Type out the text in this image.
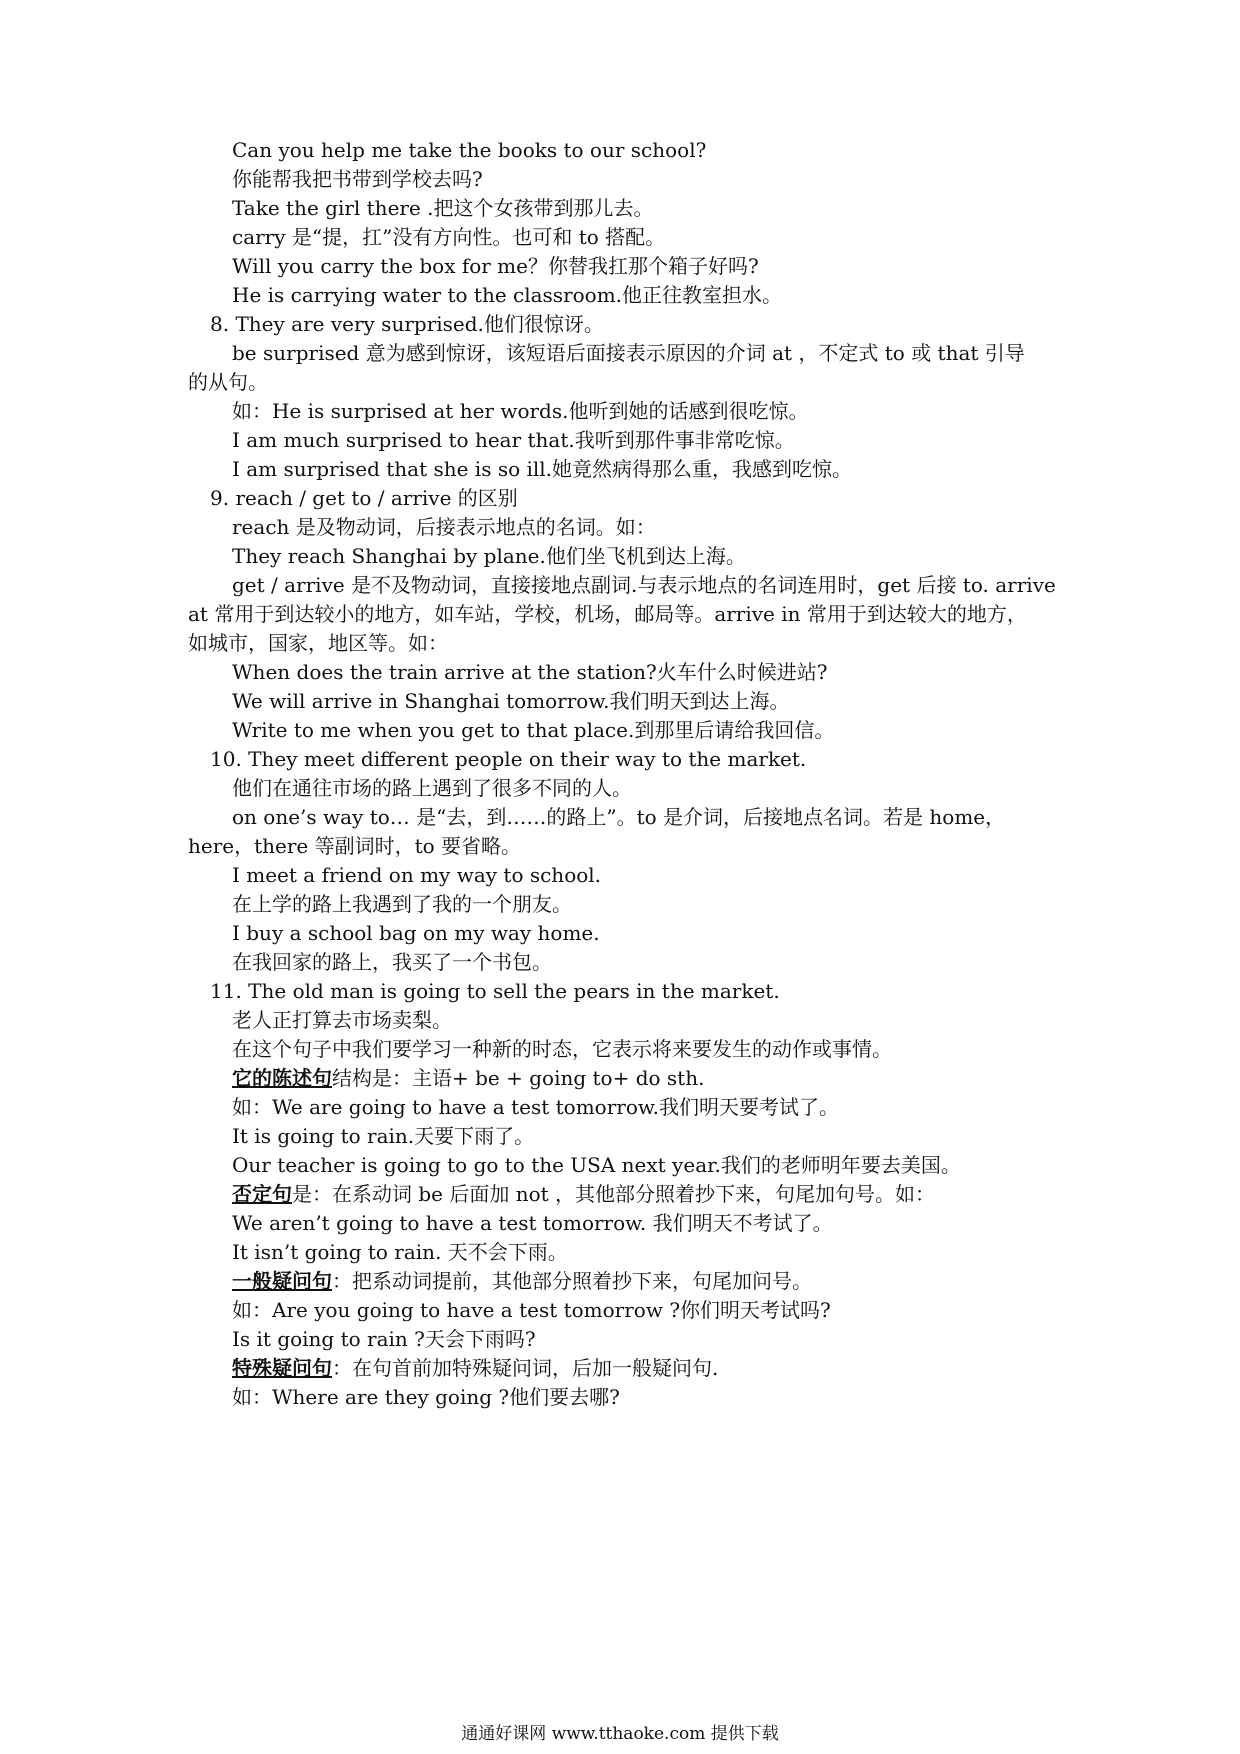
Can you help me take the books to our school?
你能帮我把书带到学校去吗?
Take the girl there .把这个女孩带到那儿去。
carry 是“提，扛”没有方向性。也可和 to 搭配。
Will you carry the box for me？你替我扛那个箱子好吗?
He is carrying water to the classroom.他正往教室担水。
8. They are very surprised.他们很惊讶。
be surprised 意为感到惊讶，该短语后面接表示原因的介词 at ，不定式 to 或 that 引导
的从句。
如：He is surprised at her words.他听到她的话感到很吃惊。
I am much surprised to hear that.我听到那件事非常吃惊。
I am surprised that she is so ill.她竟然病得那么重，我感到吃惊。
9. reach / get to / arrive 的区别
reach 是及物动词，后接表示地点的名词。如：
They reach Shanghai by plane.他们坐飞机到达上海。
get / arrive 是不及物动词，直接接地点副词.与表示地点的名词连用时，get 后接 to. arrive
at 常用于到达较小的地方，如车站，学校，机场，邮局等。arrive in 常用于到达较大的地方，
如城市，国家，地区等。如：
When does the train arrive at the station?火车什么时候进站?
We will arrive in Shanghai tomorrow.我们明天到达上海。
Write to me when you get to that place.到那里后请给我回信。
10. They meet different people on their way to the market.
他们在通往市场的路上遇到了很多不同的人。
on one’s way to… 是“去，到……的路上”。to 是介词，后接地点名词。若是 home，
here，there 等副词时，to 要省略。
I meet a friend on my way to school.
在上学的路上我遇到了我的一个朋友。
I buy a school bag on my way home.
在我回家的路上，我买了一个书包。
11. The old man is going to sell the pears in the market.
老人正打算去市场卖梨。
在这个句子中我们要学习一种新的时态，它表示将来要发生的动作或事情。
它的陈述句结构是：主语+ be + going to+ do sth.
如：We are going to have a test tomorrow.我们明天要考试了。
It is going to rain.天要下雨了。
Our teacher is going to go to the USA next year.我们的老师明年要去美国。
否定句是：在系动词 be 后面加 not ，其他部分照着抄下来，句尾加句号。如：
We aren’t going to have a test tomorrow. 我们明天不考试了。
It isn’t going to rain. 天不会下雨。
一般疑问句：把系动词提前，其他部分照着抄下来，句尾加问号。
如：Are you going to have a test tomorrow ?你们明天考试吗?
Is it going to rain ?天会下雨吗?
特殊疑问句：在句首前加特殊疑问词，后加一般疑问句.
如：Where are they going ?他们要去哪?
通通好课网 www.tthaoke.com 提供下载
